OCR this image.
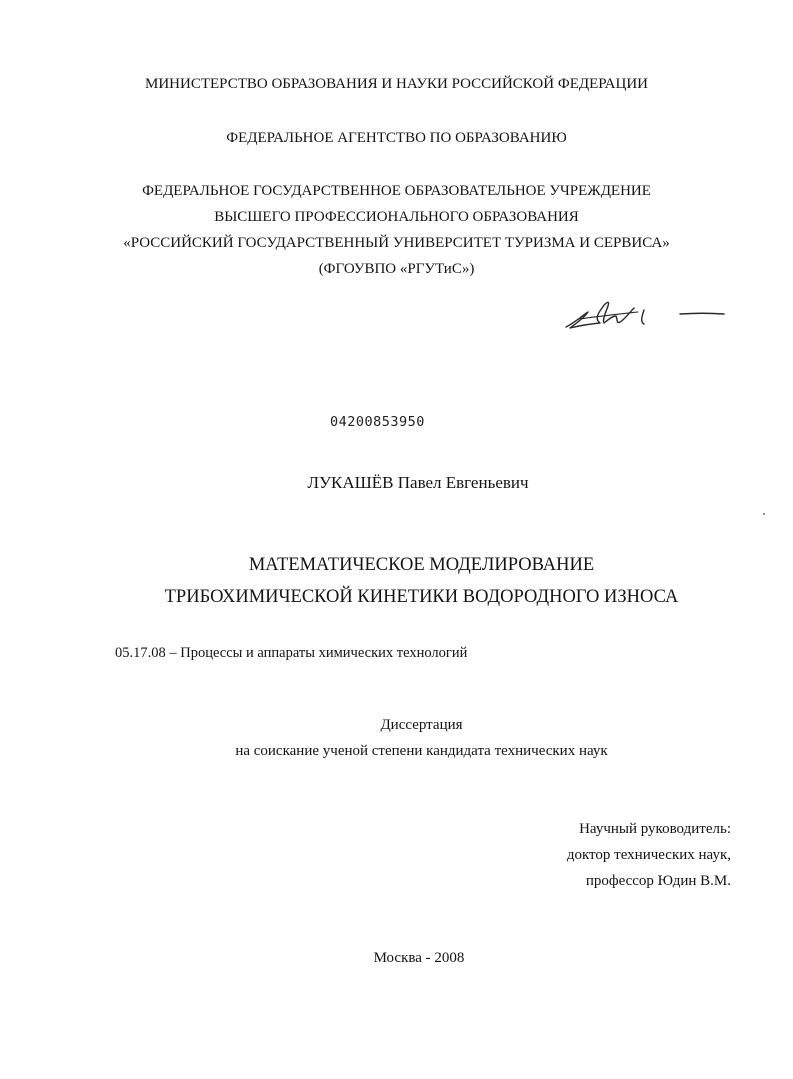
МИНИСТЕРСТВО ОБРАЗОВАНИЯ И НАУКИ РОССИЙСКОЙ ФЕДЕРАЦИИ
ФЕДЕРАЛЬНОЕ АГЕНТСТВО ПО ОБРАЗОВАНИЮ
ФЕДЕРАЛЬНОЕ ГОСУДАРСТВЕННОЕ ОБРАЗОВАТЕЛЬНОЕ УЧРЕЖДЕНИЕ
ВЫСШЕГО ПРОФЕССИОНАЛЬНОГО ОБРАЗОВАНИЯ
«РОССИЙСКИЙ ГОСУДАРСТВЕННЫЙ УНИВЕРСИТЕТ ТУРИЗМА И СЕРВИСА»
(ФГОУВПО «РГУТиС»)
04200853950
ЛУКАШЁВ Павел Евгеньевич
МАТЕМАТИЧЕСКОЕ МОДЕЛИРОВАНИЕ
ТРИБОХИМИЧЕСКОЙ КИНЕТИКИ ВОДОРОДНОГО ИЗНОСА
05.17.08 – Процессы и аппараты химических технологий
Диссертация
на соискание ученой степени кандидата технических наук
Научный руководитель:
доктор технических наук,
профессор Юдин В.М.
Москва - 2008
